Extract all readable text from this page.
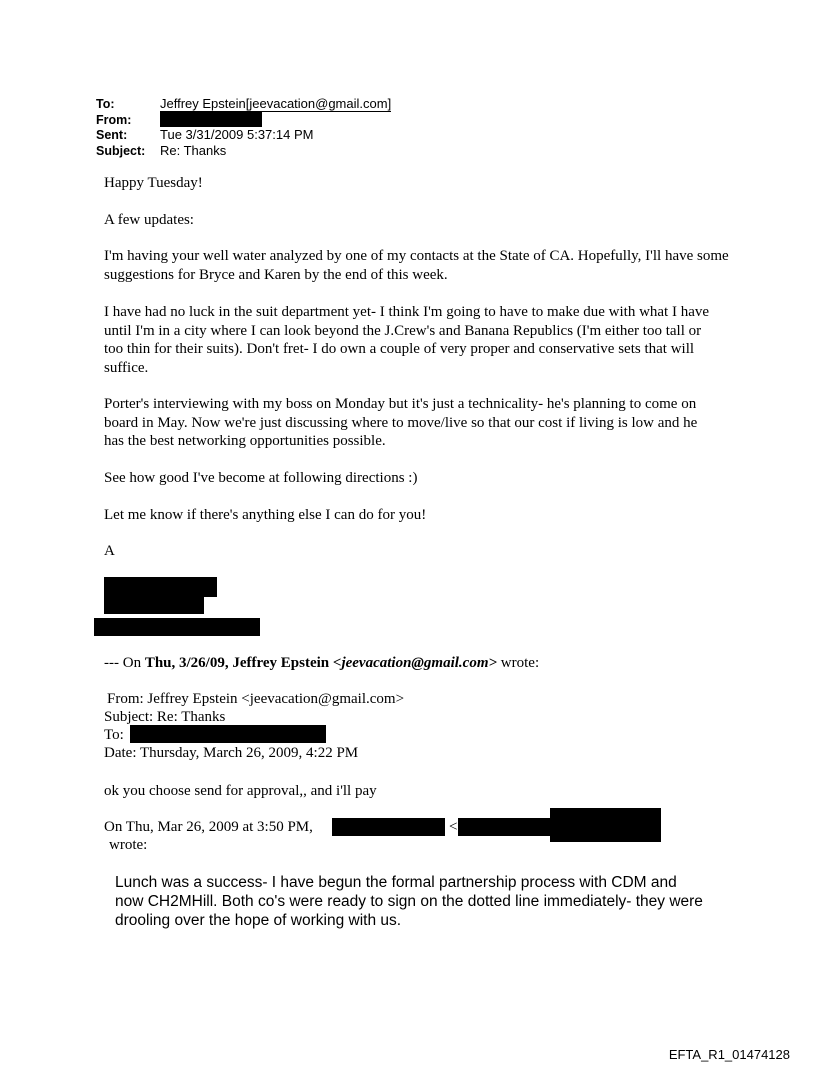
To:	Jeffrey Epstein[jeevacation@gmail.com]
From:
Sent:	Tue 3/31/2009 5:37:14 PM
Subject: Re: Thanks
Happy Tuesday!
A few updates:
I'm having your well water analyzed by one of my contacts at the State of CA. Hopefully, I'll have some suggestions for Bryce and Karen by the end of this week.
I have had no luck in the suit department yet- I think I'm going to have to make due with what I have until I'm in a city where I can look beyond the J.Crew's and Banana Republics (I'm either too tall or too thin for their suits). Don't fret- I do own a couple of very proper and conservative sets that will suffice.
Porter's interviewing with my boss on Monday but it's just a technicality- he's planning to come on board in May. Now we're just discussing where to move/live so that our cost if living is low and he has the best networking opportunities possible.
See how good I've become at following directions :)
Let me know if there's anything else I can do for you!
A
--- On Thu, 3/26/09, Jeffrey Epstein <jeevacation@gmail.com> wrote:
From: Jeffrey Epstein <jeevacation@gmail.com>
Subject: Re: Thanks
To:
Date: Thursday, March 26, 2009, 4:22 PM
ok you choose send for approval,, and i'll pay
On Thu, Mar 26, 2009 at 3:50 PM,	<
wrote:
Lunch was a success- I have begun the formal partnership process with CDM and now CH2MHill. Both co's were ready to sign on the dotted line immediately- they were drooling over the hope of working with us.
EFTA_R1_01474128
